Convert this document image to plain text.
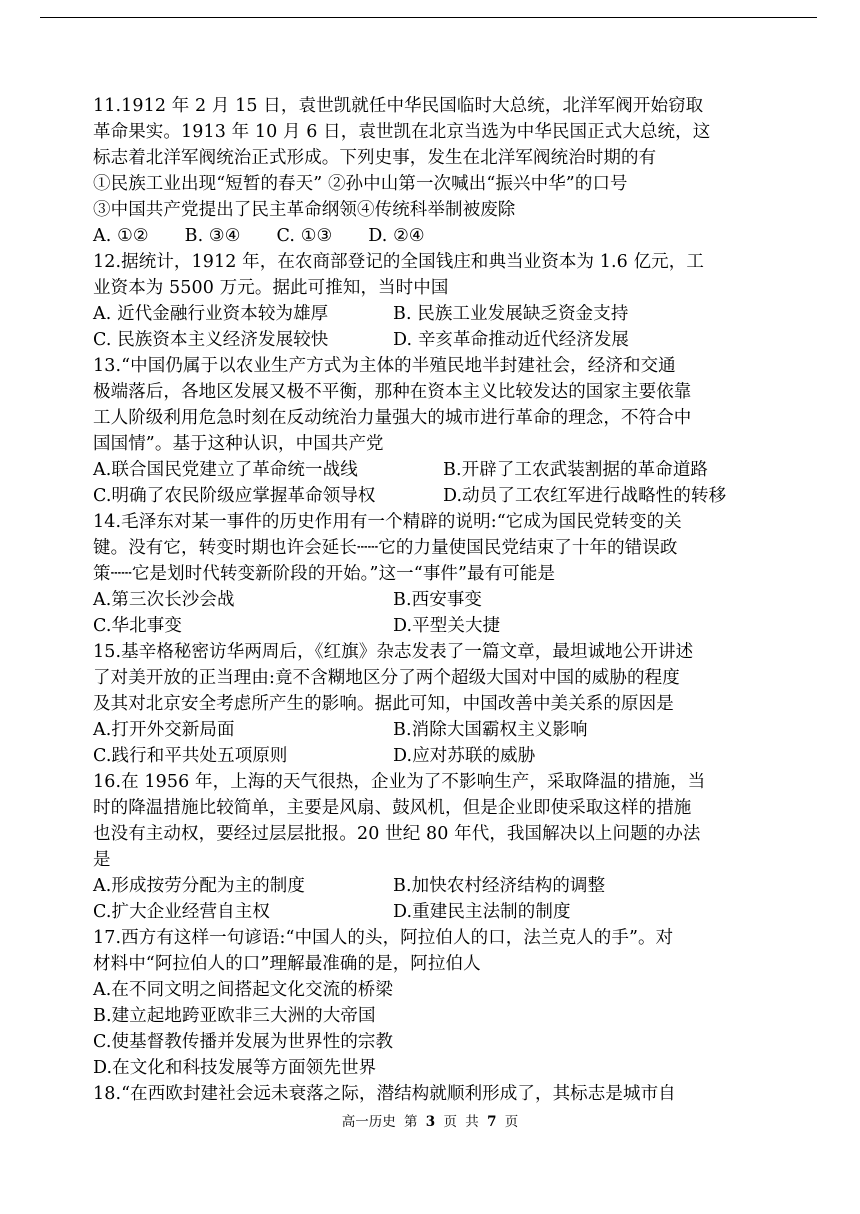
11.1912 年 2 月 15 日，袁世凯就任中华民国临时大总统，北洋军阀开始窃取
革命果实。1913 年 10 月 6 日，袁世凯在北京当选为中华民国正式大总统，这
标志着北洋军阀统治正式形成。下列史事，发生在北洋军阀统治时期的有
①民族工业出现“短暂的春天” ②孙中山第一次喊出“振兴中华”的口号
③中国共产党提出了民主革命纲领④传统科举制被废除
A. ①② B. ③④ C. ①③ D. ②④
12.据统计，1912 年，在农商部登记的全国钱庄和典当业资本为 1.6 亿元，工
业资本为 5500 万元。据此可推知，当时中国
A. 近代金融行业资本较为雄厚	B. 民族工业发展缺乏资金支持
C. 民族资本主义经济发展较快	D. 辛亥革命推动近代经济发展
13.“中国仍属于以农业生产方式为主体的半殖民地半封建社会，经济和交通
极端落后，各地区发展又极不平衡，那种在资本主义比较发达的国家主要依靠
工人阶级利用危急时刻在反动统治力量强大的城市进行革命的理念，不符合中
国国情”。基于这种认识，中国共产党
A.联合国民党建立了革命统一战线	B.开辟了工农武装割据的革命道路
C.明确了农民阶级应掌握革命领导权	D.动员了工农红军进行战略性的转移
14.毛泽东对某一事件的历史作用有一个精辟的说明:“它成为国民党转变的关
键。没有它，转变时期也许会延长┄┄它的力量使国民党结束了十年的错误政
策┄┄它是划时代转变新阶段的开始。”这一“事件”最有可能是
A.第三次长沙会战	B.西安事变
C.华北事变	D.平型关大捷
15.基辛格秘密访华两周后，《红旗》杂志发表了一篇文章，最坦诚地公开讲述
了对美开放的正当理由:竟不含糊地区分了两个超级大国对中国的威胁的程度
及其对北京安全考虑所产生的影响。据此可知，中国改善中美关系的原因是
A.打开外交新局面	B.消除大国霸权主义影响
C.践行和平共处五项原则	D.应对苏联的威胁
16.在 1956 年，上海的天气很热，企业为了不影响生产，采取降温的措施，当
时的降温措施比较简单，主要是风扇、鼓风机，但是企业即使采取这样的措施
也没有主动权，要经过层层批报。20 世纪 80 年代，我国解决以上问题的办法
是
A.形成按劳分配为主的制度	B.加快农村经济结构的调整
C.扩大企业经营自主权	D.重建民主法制的制度
17.西方有这样一句谚语:“中国人的头，阿拉伯人的口，法兰克人的手”。对
材料中“阿拉伯人的口”理解最准确的是，阿拉伯人
A.在不同文明之间搭起文化交流的桥梁
B.建立起地跨亚欧非三大洲的大帝国
C.使基督教传播并发展为世界性的宗教
D.在文化和科技发展等方面领先世界
18.“在西欧封建社会远未衰落之际，潜结构就顺利形成了，其标志是城市自
高一历史 第 3 页 共 7 页
